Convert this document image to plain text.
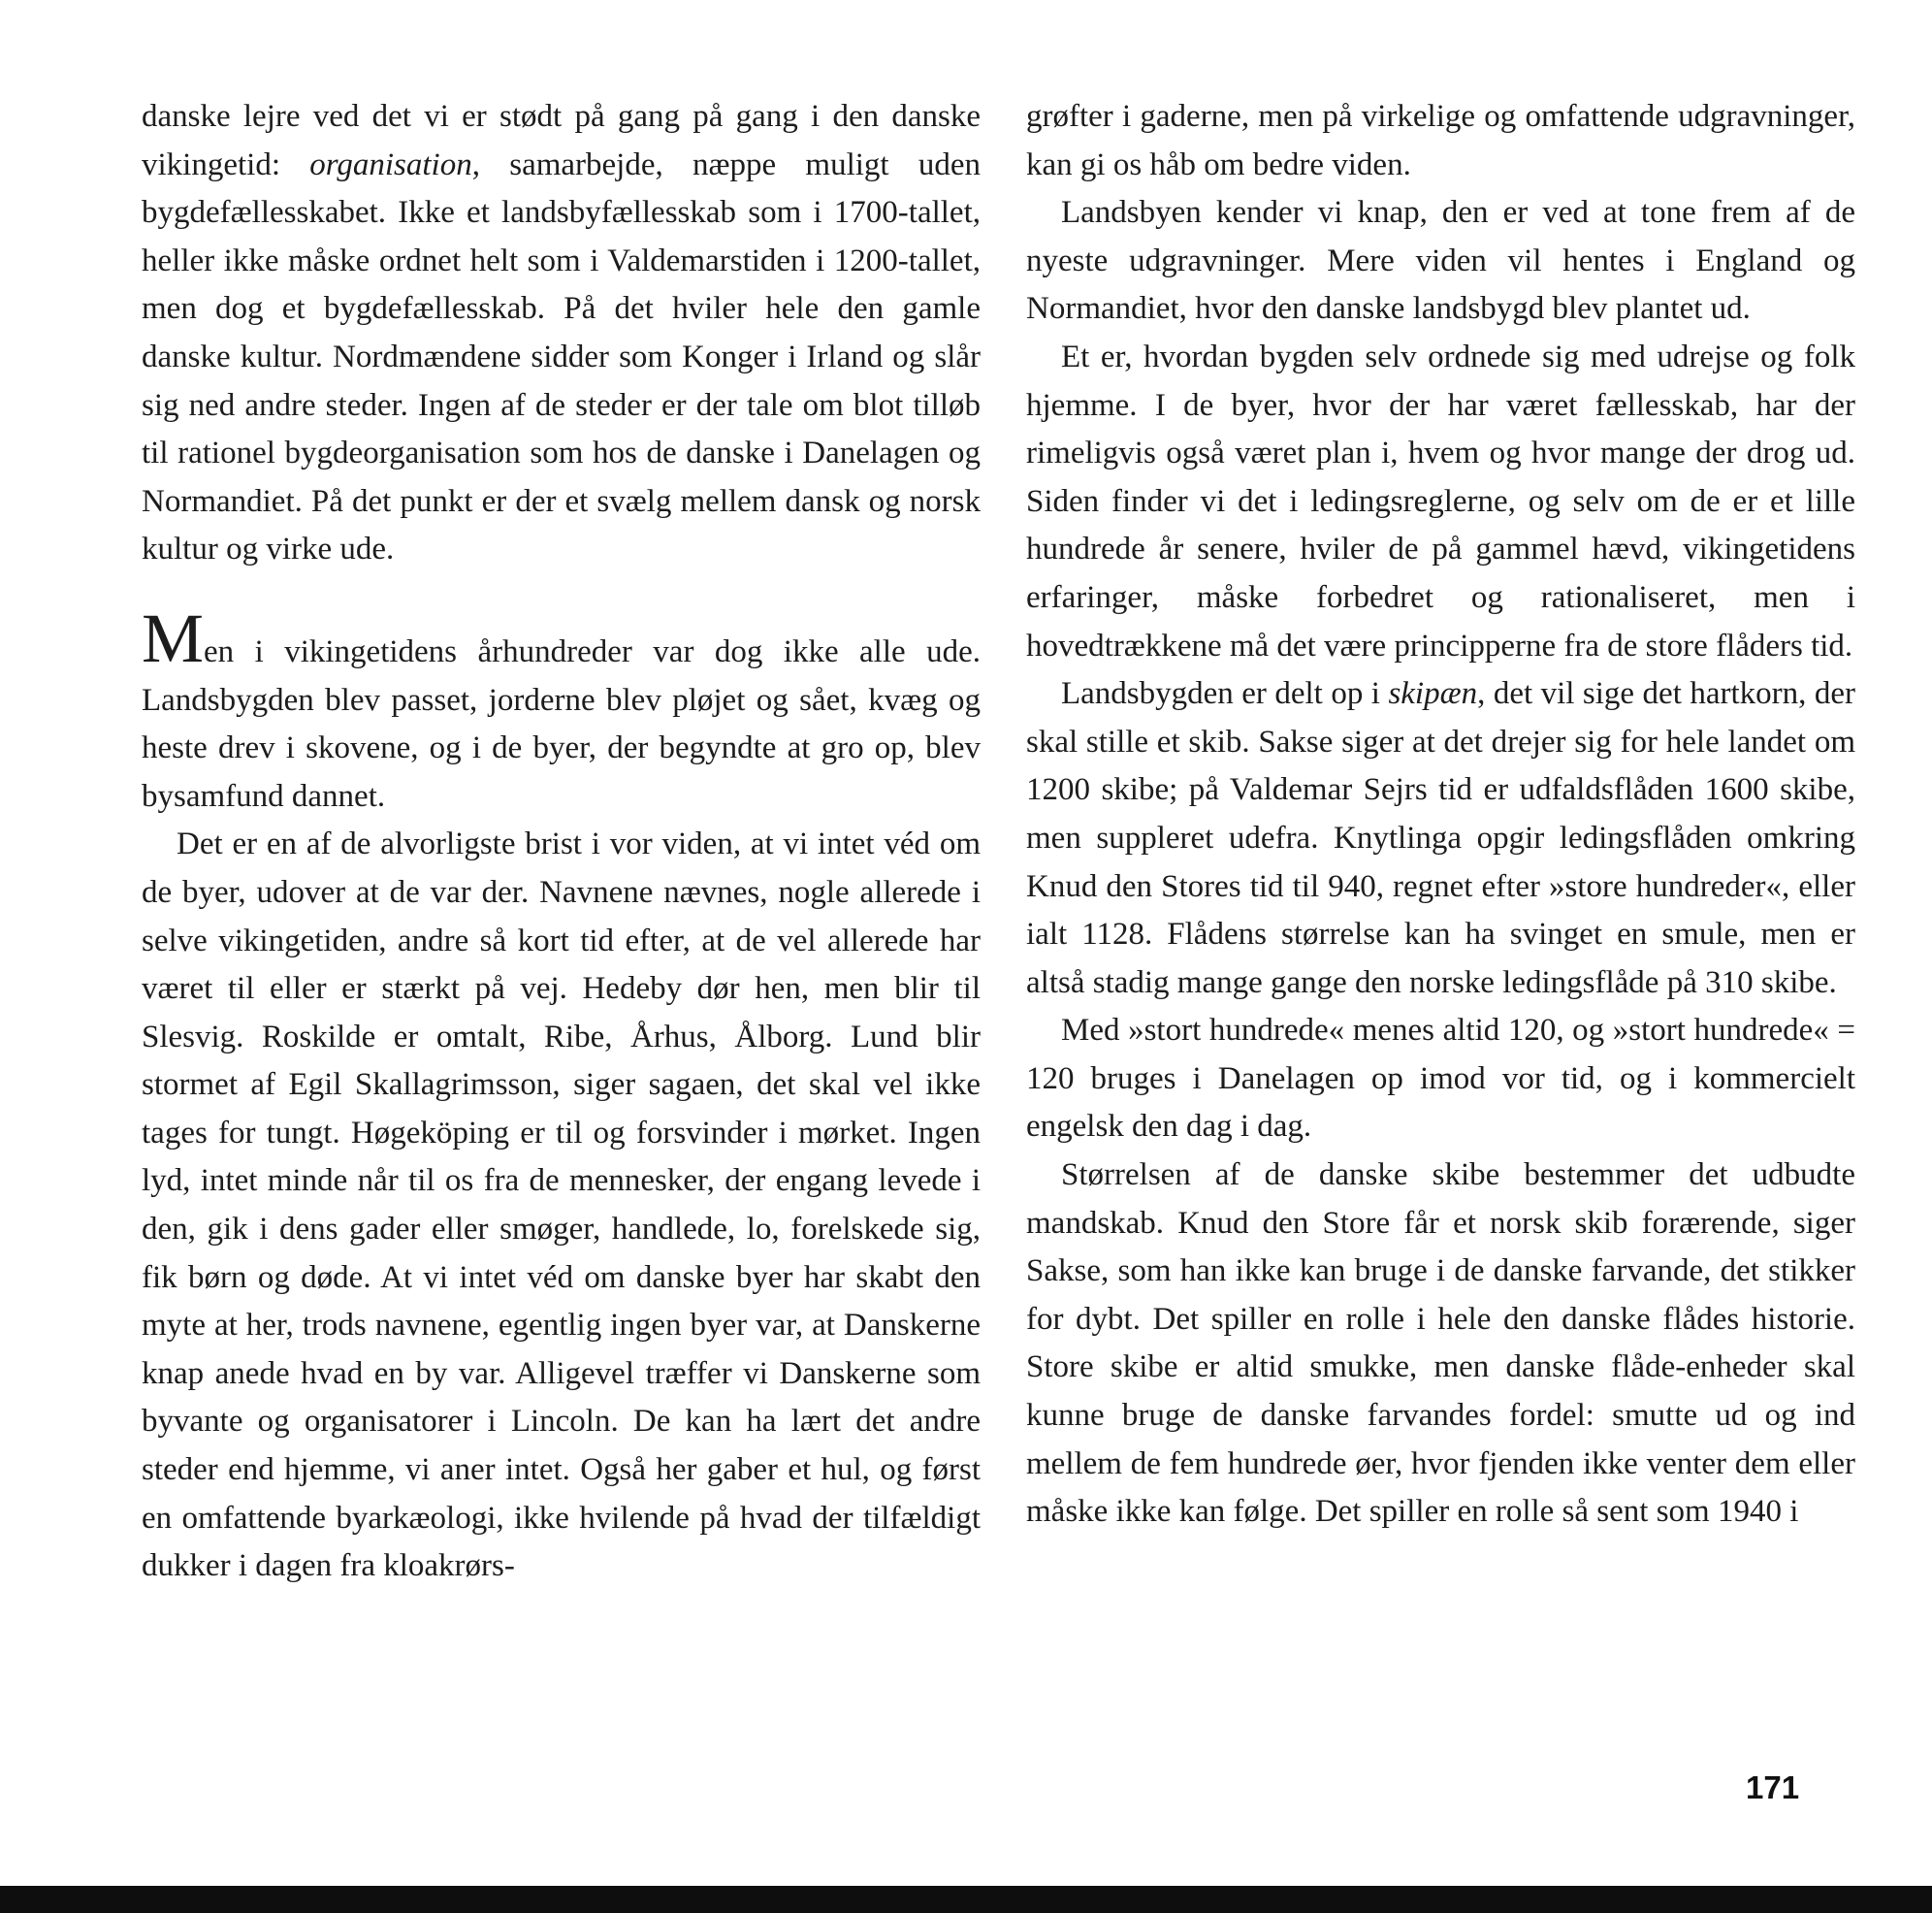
danske lejre ved det vi er stødt på gang på gang i den danske vikingetid: organisation, samarbejde, næppe muligt uden bygdefællesskabet. Ikke et landsbyfællesskab som i 1700-tallet, heller ikke måske ordnet helt som i Valdemarstiden i 1200-tallet, men dog et bygdefællesskab. På det hviler hele den gamle danske kultur. Nordmændene sidder som Konger i Irland og slår sig ned andre steder. Ingen af de steder er der tale om blot tilløb til rationel bygdeorganisation som hos de danske i Danelagen og Normandiet. På det punkt er der et svælg mellem dansk og norsk kultur og virke ude.

Men i vikingetidens århundreder var dog ikke alle ude. Landsbygden blev passet, jorderne blev pløjet og sået, kvæg og heste drev i skovene, og i de byer, der begyndte at gro op, blev bysamfund dannet.

Det er en af de alvorligste brist i vor viden, at vi intet véd om de byer, udover at de var der. Navnene nævnes, nogle allerede i selve vikingetiden, andre så kort tid efter, at de vel allerede har været til eller er stærkt på vej. Hedeby dør hen, men blir til Slesvig. Roskilde er omtalt, Ribe, Århus, Ålborg. Lund blir stormet af Egil Skallagrimsson, siger sagaen, det skal vel ikke tages for tungt. Høgeköping er til og forsvinder i mørket. Ingen lyd, intet minde når til os fra de mennesker, der engang levede i den, gik i dens gader eller smøger, handlede, lo, forelskede sig, fik børn og døde. At vi intet véd om danske byer har skabt den myte at her, trods navnene, egentlig ingen byer var, at Danskerne knap anede hvad en by var. Alligevel træffer vi Danskerne som byvante og organisatorer i Lincoln. De kan ha lært det andre steder end hjemme, vi aner intet. Også her gaber et hul, og først en omfattende byarkæologi, ikke hvilende på hvad der tilfældigt dukker i dagen fra kloakrørs-

grøfter i gaderne, men på virkelige og omfattende udgravninger, kan gi os håb om bedre viden.

Landsbyen kender vi knap, den er ved at tone frem af de nyeste udgravninger. Mere viden vil hentes i England og Normandiet, hvor den danske landsbygd blev plantet ud.

Et er, hvordan bygden selv ordnede sig med udrejse og folk hjemme. I de byer, hvor der har været fællesskab, har der rimeligvis også været plan i, hvem og hvor mange der drog ud. Siden finder vi det i ledingsreglerne, og selv om de er et lille hundrede år senere, hviler de på gammel hævd, vikingetidens erfaringer, måske forbedret og rationaliseret, men i hovedtrækkene må det være principperne fra de store flåders tid.

Landsbygden er delt op i skipæn, det vil sige det hartkorn, der skal stille et skib. Sakse siger at det drejer sig for hele landet om 1200 skibe; på Valdemar Sejrs tid er udfaldsflåden 1600 skibe, men suppleret udefra. Knytlinga opgir ledingsflåden omkring Knud den Stores tid til 940, regnet efter »store hundreder«, eller ialt 1128. Flådens størrelse kan ha svinget en smule, men er altså stadig mange gange den norske ledingsflåde på 310 skibe.

Med »stort hundrede« menes altid 120, og »stort hundrede« = 120 bruges i Danelagen op imod vor tid, og i kommercielt engelsk den dag i dag.

Størrelsen af de danske skibe bestemmer det udbudte mandskab. Knud den Store får et norsk skib forærende, siger Sakse, som han ikke kan bruge i de danske farvande, det stikker for dybt. Det spiller en rolle i hele den danske flådes historie. Store skibe er altid smukke, men danske flåde-enheder skal kunne bruge de danske farvandes fordel: smutte ud og ind mellem de fem hundrede øer, hvor fjenden ikke venter dem eller måske ikke kan følge. Det spiller en rolle så sent som 1940 i

171
